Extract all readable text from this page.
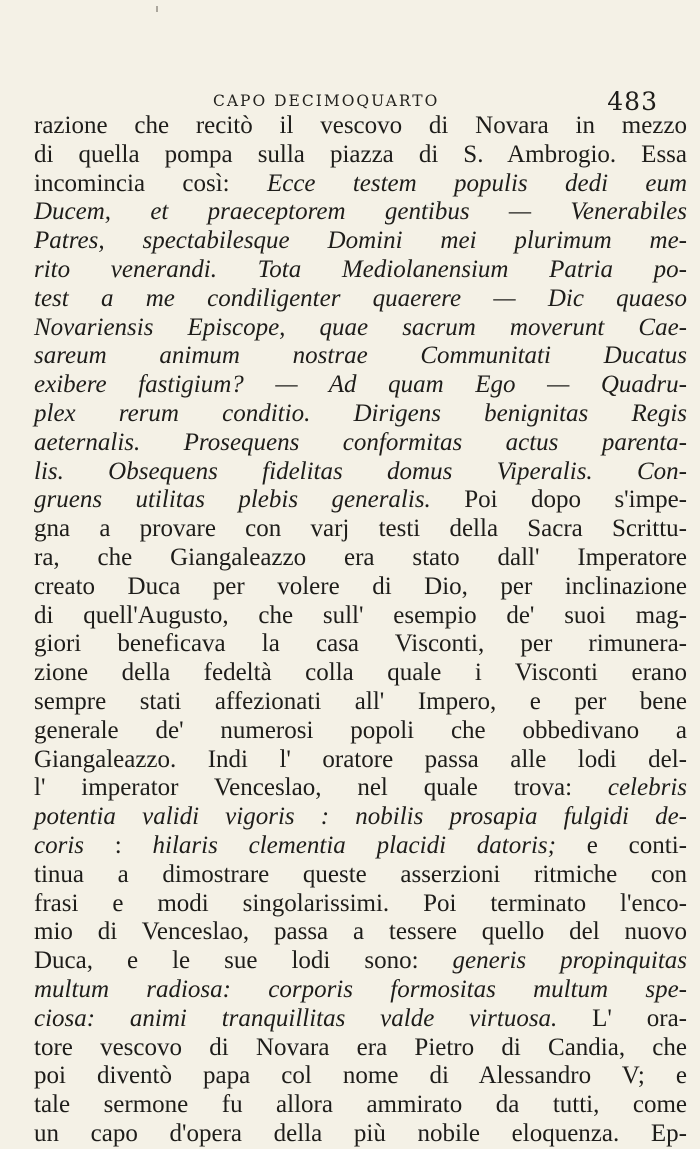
CAPO DECIMOQUARTO	483
razione che recitò il vescovo di Novara in mezzo
di quella pompa sulla piazza di S. Ambrogio. Essa
incomincia così: Ecce testem populis dedi eum
Ducem, et praeceptorem gentibus — Venerabiles
Patres, spectabilesque Domini mei plurimum me-
rito venerandi. Tota Mediolanensium Patria po-
test a me condiligenter quaerere — Dic quaeso
Novariensis Episcope, quae sacrum moverunt Cae-
sareum animum nostrae Communitati Ducatus
exibere fastigium? — Ad quam Ego — Quadru-
plex rerum conditio. Dirigens benignitas Regis
aeternalis. Prosequens conformitas actus parenta-
lis. Obsequens fidelitas domus Viperalis. Con-
gruens utilitas plebis generalis. Poi dopo s'impe-
gna a provare con varj testi della Sacra Scrittu-
ra, che Giangaleazzo era stato dall' Imperatore
creato Duca per volere di Dio, per inclinazione
di quell'Augusto, che sull' esempio de' suoi mag-
giori beneficava la casa Visconti, per rimunera-
zione della fedeltà colla quale i Visconti erano
sempre stati affezionati all' Impero, e per bene
generale de' numerosi popoli che obbedivano a
Giangaleazzo. Indi l' oratore passa alle lodi del-
l' imperator Venceslao, nel quale trova: celebris
potentia validi vigoris : nobilis prosapia fulgidi de-
coris : hilaris clementia placidi datoris; e conti-
tinua a dimostrare queste asserzioni ritmiche con
frasi e modi singolarissimi. Poi terminato l'enco-
mio di Venceslao, passa a tessere quello del nuovo
Duca, e le sue lodi sono: generis propinquitas
multum radiosa: corporis formositas multum spe-
ciosa: animi tranquillitas valde virtuosa. L' ora-
tore vescovo di Novara era Pietro di Candia, che
poi diventò papa col nome di Alessandro V; e
tale sermone fu allora ammirato da tutti, come
un capo d'opera della più nobile eloquenza. Ep-
